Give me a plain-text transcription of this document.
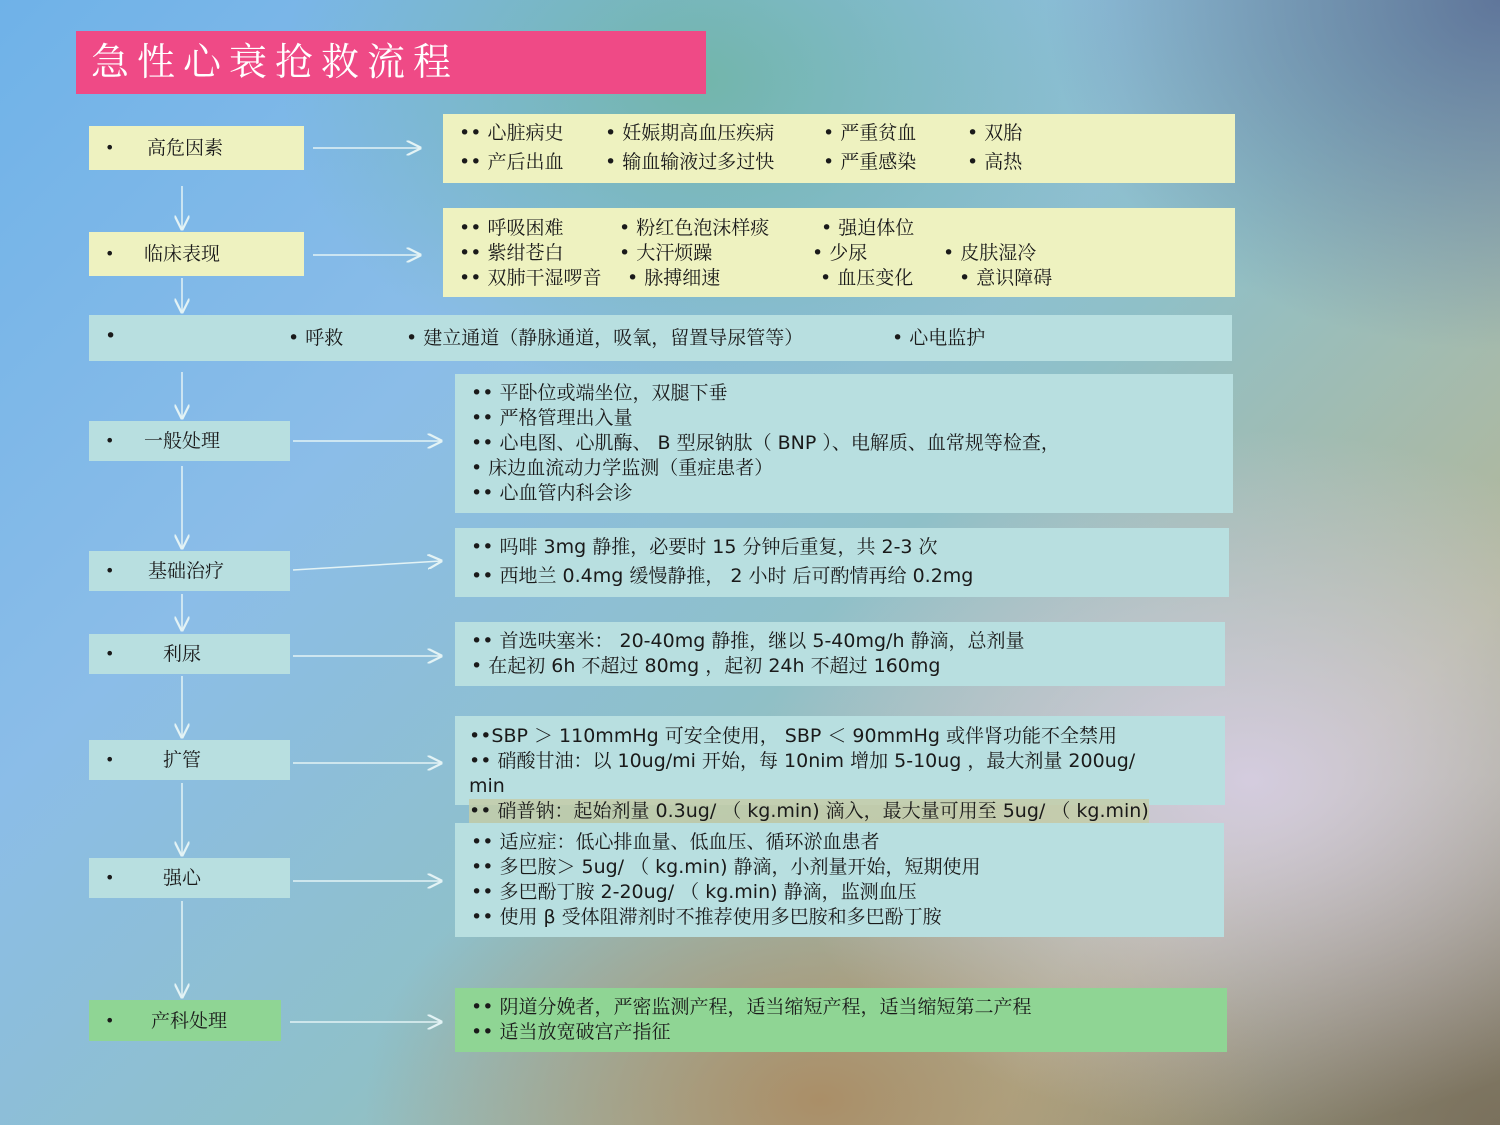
急性心衰抢救流程
• 高危因素
•• 心脏病史 • 妊娠期高血压疾病	• 严重贫血	• 双胎
•• 产后出血 • 输血输液过多过快	• 严重感染	• 高热
• 临床表现
•• 呼吸困难	• 粉红色泡沫样痰	• 强迫体位
•• 紫绀苍白	• 大汗烦躁	• 少尿	• 皮肤湿冷
•• 双肺干湿啰音 • 脉搏细速	• 血压变化 • 意识障碍
•	• 呼救	• 建立通道（静脉通道，吸氧，留置导尿管等）	• 心电监护
• 一般处理
•• 平卧位或端坐位，双腿下垂
•• 严格管理出入量
•• 心电图、心肌酶、 B 型尿钠肽（ BNP ）、电解质、血常规等检查，
• 床边血流动力学监测（重症患者）
•• 心血管内科会诊
• 基础治疗
•• 吗啡 3mg 静推，必要时 15 分钟后重复，共 2-3 次
•• 西地兰 0.4mg 缓慢静推， 2 小时 后可酌情再给 0.2mg
•	利尿
•• 首选呋塞米： 20-40mg 静推，继以 5-40mg/h 静滴，总剂量
• 在起初 6h 不超过 80mg ，起初 24h 不超过 160mg
•	扩管
••SBP ＞ 110mmHg 可安全使用， SBP ＜ 90mmHg 或伴肾功能不全禁用
•• 硝酸甘油：以 10ug/mi 开始，每 10nim 增加 5-10ug ，最大剂量 200ug/
min
•• 硝普钠：起始剂量 0.3ug/ （ kg.min) 滴入，最大量可用至 5ug/ （ kg.min)
•	强心
•• 适应症：低心排血量、低血压、循环淤血患者
•• 多巴胺＞ 5ug/ （ kg.min) 静滴，小剂量开始，短期使用
•• 多巴酚丁胺 2-20ug/ （ kg.min) 静滴，监测血压
•• 使用 β 受体阻滞剂时不推荐使用多巴胺和多巴酚丁胺
• 产科处理
•• 阴道分娩者，严密监测产程，适当缩短产程，适当缩短第二产程
•• 适当放宽破宫产指征
